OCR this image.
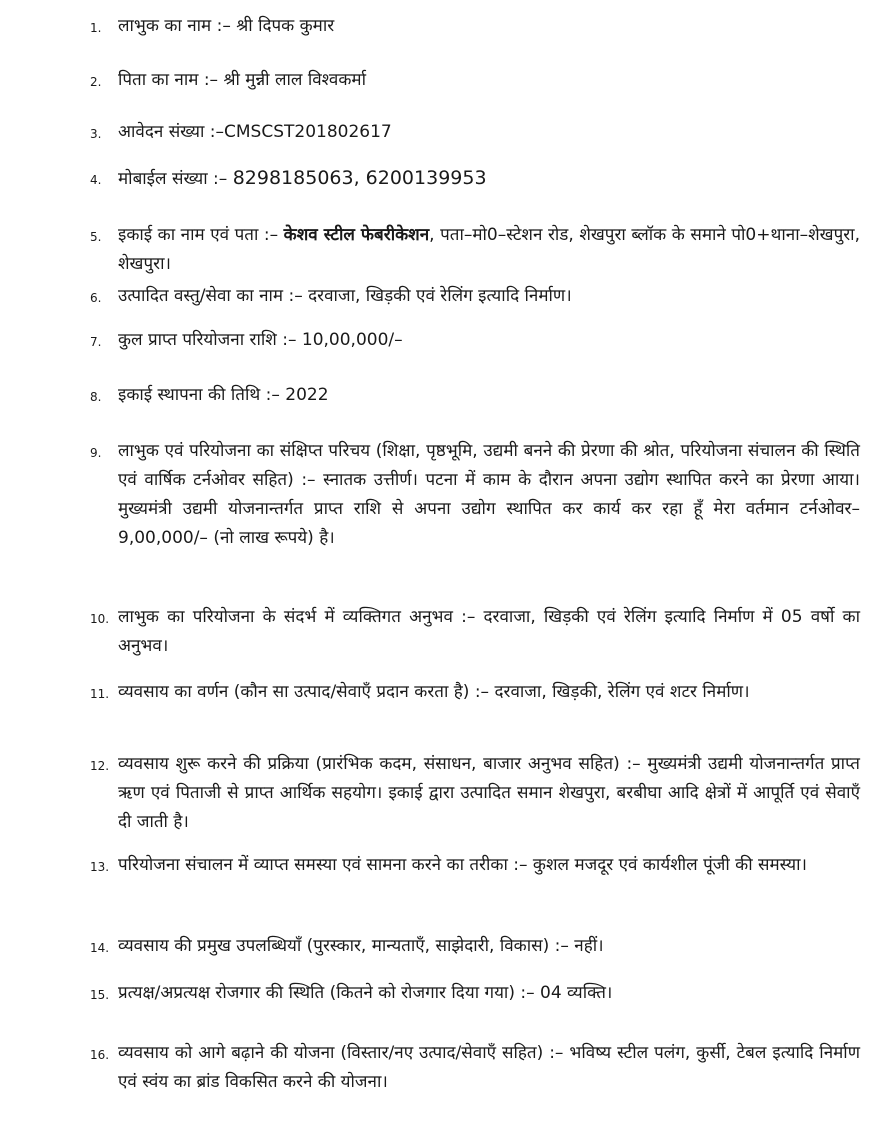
1. लाभुक का नाम :– श्री दिपक कुमार
2. पिता का नाम :– श्री मुन्नी लाल विश्वकर्मा
3. आवेदन संख्या :–CMSCST201802617
4. मोबाईल संख्या :– 8298185063, 6200139953
5. इकाई का नाम एवं पता :– केशव स्टील फेबरीकेशन, पता–मो0–स्टेशन रोड, शेखपुरा ब्लॉक के समाने पो0+थाना–शेखपुरा, शेखपुरा।
6. उत्पादित वस्तु/सेवा का नाम :– दरवाजा, खिड़की एवं रेलिंग इत्यादि निर्माण।
7. कुल प्राप्त परियोजना राशि :– 10,00,000/–
8. इकाई स्थापना की तिथि :– 2022
9. लाभुक एवं परियोजना का संक्षिप्त परिचय (शिक्षा, पृष्ठभूमि, उद्यमी बनने की प्रेरणा की श्रोत, परियोजना संचालन की स्थिति एवं वार्षिक टर्नओवर सहित) :– स्नातक उत्तीर्ण। पटना में काम के दौरान अपना उद्योग स्थापित करने का प्रेरणा आया। मुख्यमंत्री उद्यमी योजनान्तर्गत प्राप्त राशि से अपना उद्योग स्थापित कर कार्य कर रहा हूँ मेरा वर्तमान टर्नओवर–9,00,000/– (नो लाख रूपये) है।
10. लाभुक का परियोजना के संदर्भ में व्यक्तिगत अनुभव :– दरवाजा, खिड़की एवं रेलिंग इत्यादि निर्माण में 05 वर्षो का अनुभव।
11. व्यवसाय का वर्णन (कौन सा उत्पाद/सेवाएँ प्रदान करता है) :– दरवाजा, खिड़की, रेलिंग एवं शटर निर्माण।
12. व्यवसाय शुरू करने की प्रक्रिया (प्रारंभिक कदम, संसाधन, बाजार अनुभव सहित) :– मुख्यमंत्री उद्यमी योजनान्तर्गत प्राप्त ऋण एवं पिताजी से प्राप्त आर्थिक सहयोग। इकाई द्वारा उत्पादित समान शेखपुरा, बरबीघा आदि क्षेत्रों में आपूर्ति एवं सेवाएँ दी जाती है।
13. परियोजना संचालन में व्याप्त समस्या एवं सामना करने का तरीका :– कुशल मजदूर एवं कार्यशील पूंजी की समस्या।
14. व्यवसाय की प्रमुख उपलब्धियाँ (पुरस्कार, मान्यताएँ, साझेदारी, विकास) :– नहीं।
15. प्रत्यक्ष/अप्रत्यक्ष रोजगार की स्थिति (कितने को रोजगार दिया गया) :– 04 व्यक्ति।
16. व्यवसाय को आगे बढ़ाने की योजना (विस्तार/नए उत्पाद/सेवाएँ सहित) :– भविष्य स्टील पलंग, कुर्सी, टेबल इत्यादि निर्माण एवं स्वंय का ब्रांड विकसित करने की योजना।
